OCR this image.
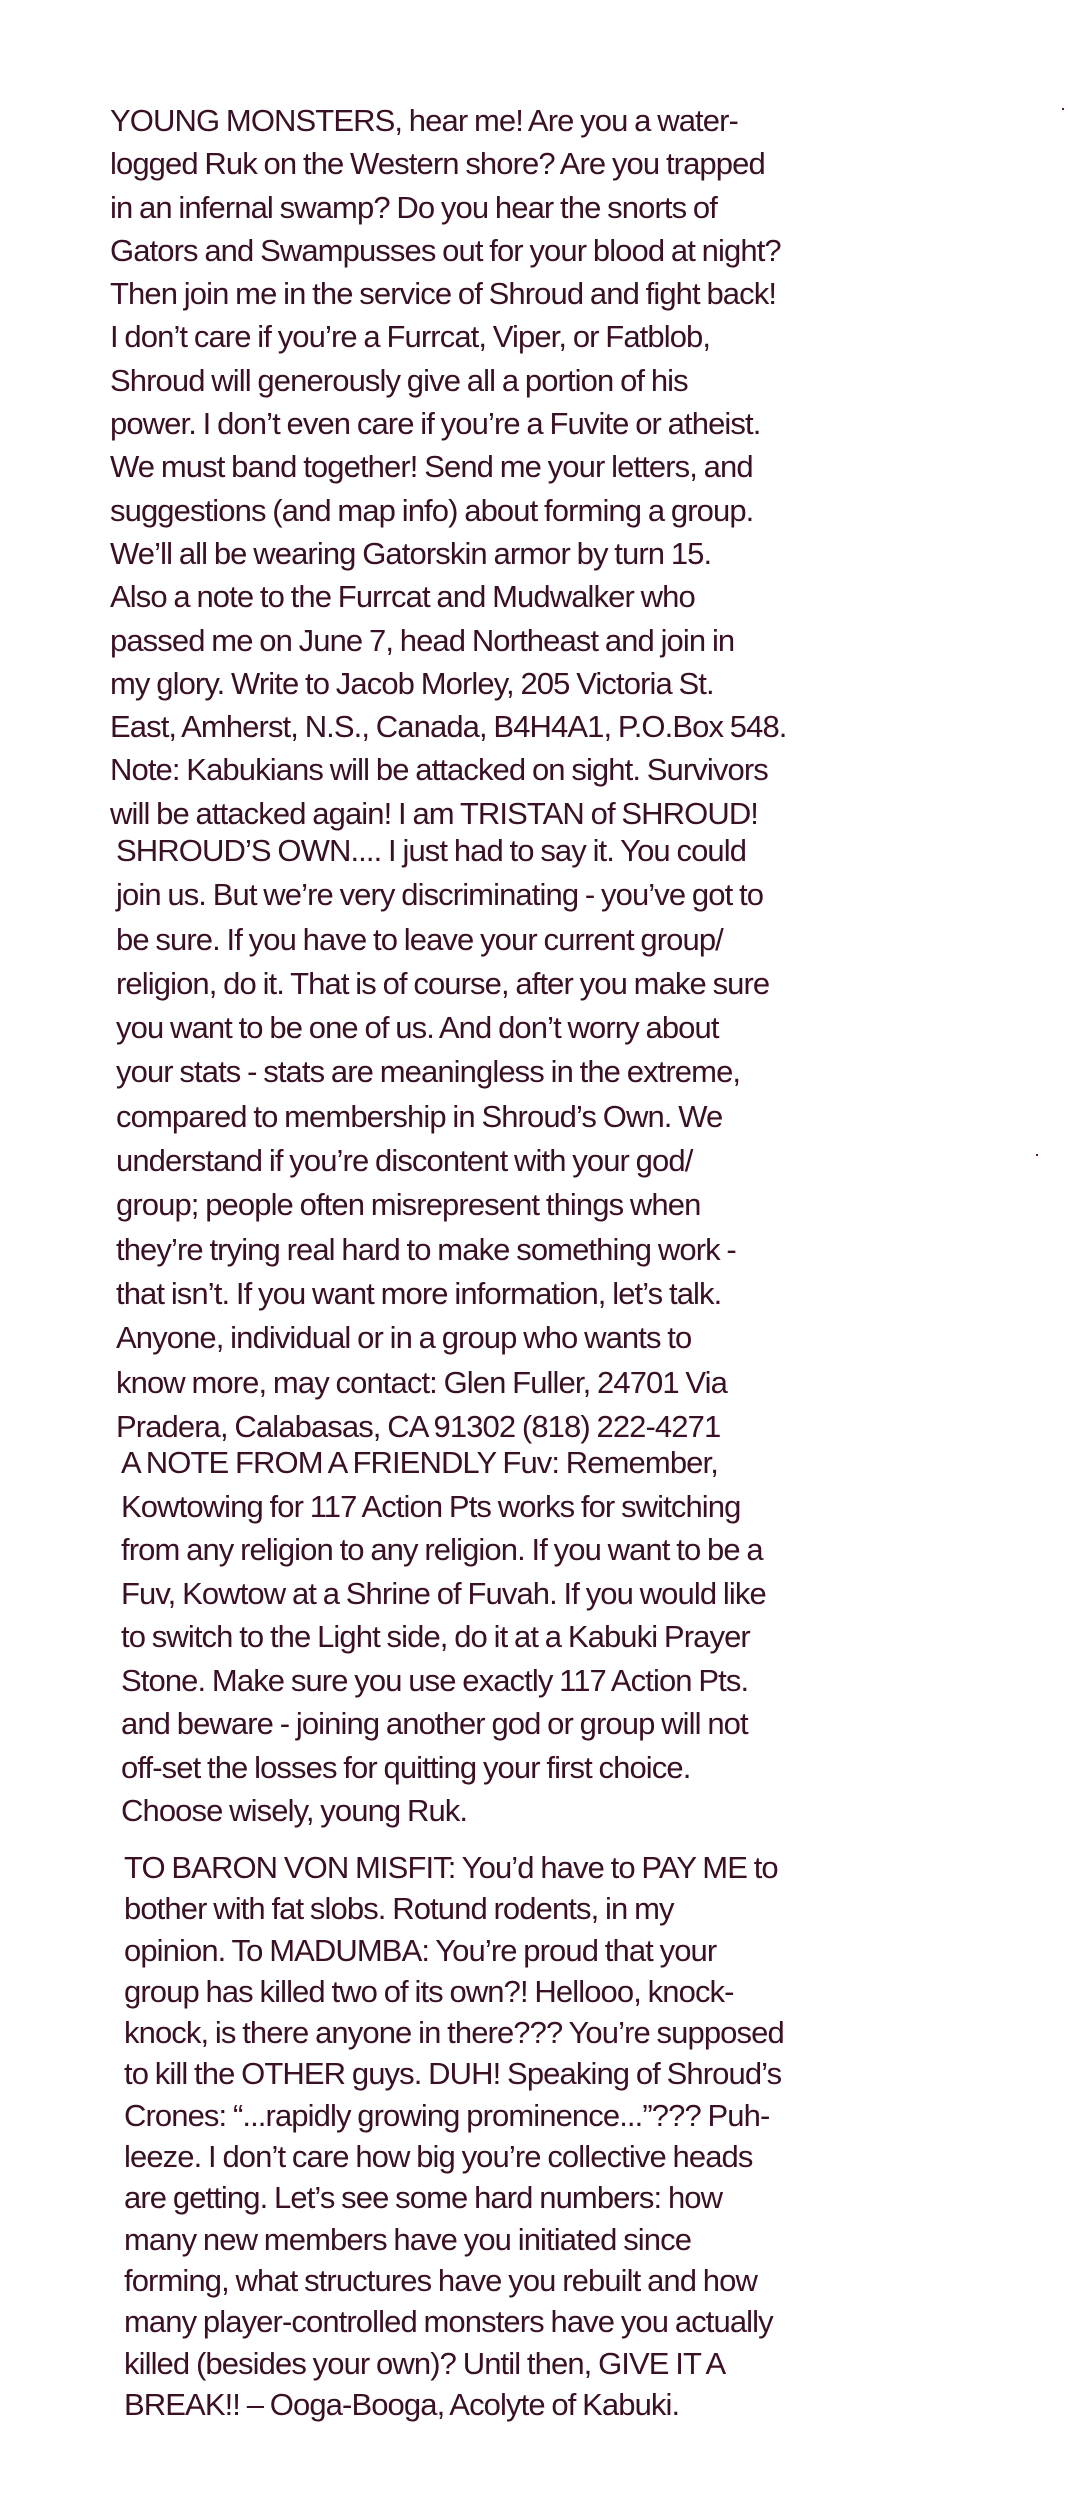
YOUNG MONSTERS, hear me! Are you a water-
logged Ruk on the Western shore? Are you trapped
in an infernal swamp? Do you hear the snorts of
Gators and Swampusses out for your blood at night?
Then join me in the service of Shroud and fight back!
I don’t care if you’re a Furrcat, Viper, or Fatblob,
Shroud will generously give all a portion of his
power. I don’t even care if you’re a Fuvite or atheist.
We must band together! Send me your letters, and
suggestions (and map info) about forming a group.
We’ll all be wearing Gatorskin armor by turn 15.
Also a note to the Furrcat and Mudwalker who
passed me on June 7, head Northeast and join in
my glory. Write to Jacob Morley, 205 Victoria St.
East, Amherst, N.S., Canada, B4H4A1, P.O.Box 548.
Note: Kabukians will be attacked on sight. Survivors
will be attacked again! I am TRISTAN of SHROUD!
SHROUD’S OWN.... I just had to say it. You could
join us. But we’re very discriminating - you’ve got to
be sure. If you have to leave your current group/
religion, do it. That is of course, after you make sure
you want to be one of us. And don’t worry about
your stats - stats are meaningless in the extreme,
compared to membership in Shroud’s Own. We
understand if you’re discontent with your god/
group; people often misrepresent things when
they’re trying real hard to make something work -
that isn’t. If you want more information, let’s talk.
Anyone, individual or in a group who wants to
know more, may contact: Glen Fuller, 24701 Via
Pradera, Calabasas, CA 91302 (818) 222-4271
A NOTE FROM A FRIENDLY Fuv: Remember,
Kowtowing for 117 Action Pts works for switching
from any religion to any religion. If you want to be a
Fuv, Kowtow at a Shrine of Fuvah. If you would like
to switch to the Light side, do it at a Kabuki Prayer
Stone. Make sure you use exactly 117 Action Pts.
and beware - joining another god or group will not
off-set the losses for quitting your first choice.
Choose wisely, young Ruk.
TO BARON VON MISFIT: You’d have to PAY ME to
bother with fat slobs. Rotund rodents, in my
opinion. To MADUMBA: You’re proud that your
group has killed two of its own?! Hellooo, knock-
knock, is there anyone in there??? You’re supposed
to kill the OTHER guys. DUH! Speaking of Shroud’s
Crones: “...rapidly growing prominence...”??? Puh-
leeze. I don’t care how big you’re collective heads
are getting. Let’s see some hard numbers: how
many new members have you initiated since
forming, what structures have you rebuilt and how
many player-controlled monsters have you actually
killed (besides your own)? Until then, GIVE IT A
BREAK!! – Ooga-Booga, Acolyte of Kabuki.
